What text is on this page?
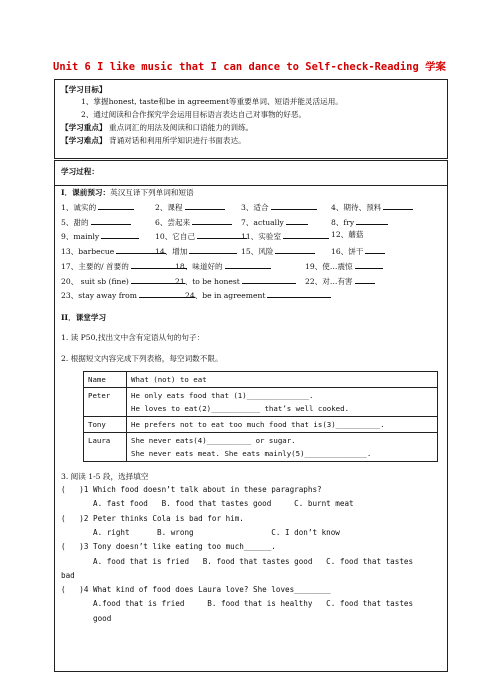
Unit 6 I like music that I can dance to Self-check-Reading 学案
【学习目标】
1、掌握honest, taste和be in agreement等重要单词、短语并能灵活运用。
2、通过阅读和合作探究学会运用目标语言表达自己对事物的好恶。
【学习重点】 重点词汇的用法及阅读和口语能力的训练。
【学习难点】 背诵对话和利用所学知识进行书面表达。
学习过程：
I．课前预习：英汉互译下列单词和短语
1、诚实的	2、课程	3、适合	4、期待、预料
5、甜的	6、尝起来	7、actually	8、fry
9、mainly	10、它自己	11、实验室	12、蘑菇
13、barbecue	14、增加	15、风险	16、饼干
17、主要的/ 首要的	18、味道好的	19、使…震惊
20、 suit sb (fine)	21、to be honest	22、对…有害
23、stay away from	24、be in agreement
II．课堂学习
1. 读 P50,找出文中含有定语从句的句子：
2. 根据短文内容完成下列表格，每空词数不限。
Name	What (not) to eat

Peter	He only eats food that (1)______________.
He loves to eat(2)___________ that’s well cooked.

Tony	He prefers not to eat too much food that is(3)__________.

Laura	She never eats(4)__________ or sugar.
She never eats meat. She eats mainly(5)______________.
3. 阅读 1-5 段，选择填空
(   )1 Which food doesn’t talk about in these paragraphs?
A. fast food   B. food that tastes good     C. burnt meat
(   )2 Peter thinks Cola is bad for him.
A. right      B. wrong                 C. I don’t know
(   )3 Tony doesn’t like eating too much______.
A. food that is fried   B. food that tastes good   C. food that tastes
bad
(   )4 What kind of food does Laura love? She loves________
A.food that is fried     B. food that is healthy   C. food that tastes
good
